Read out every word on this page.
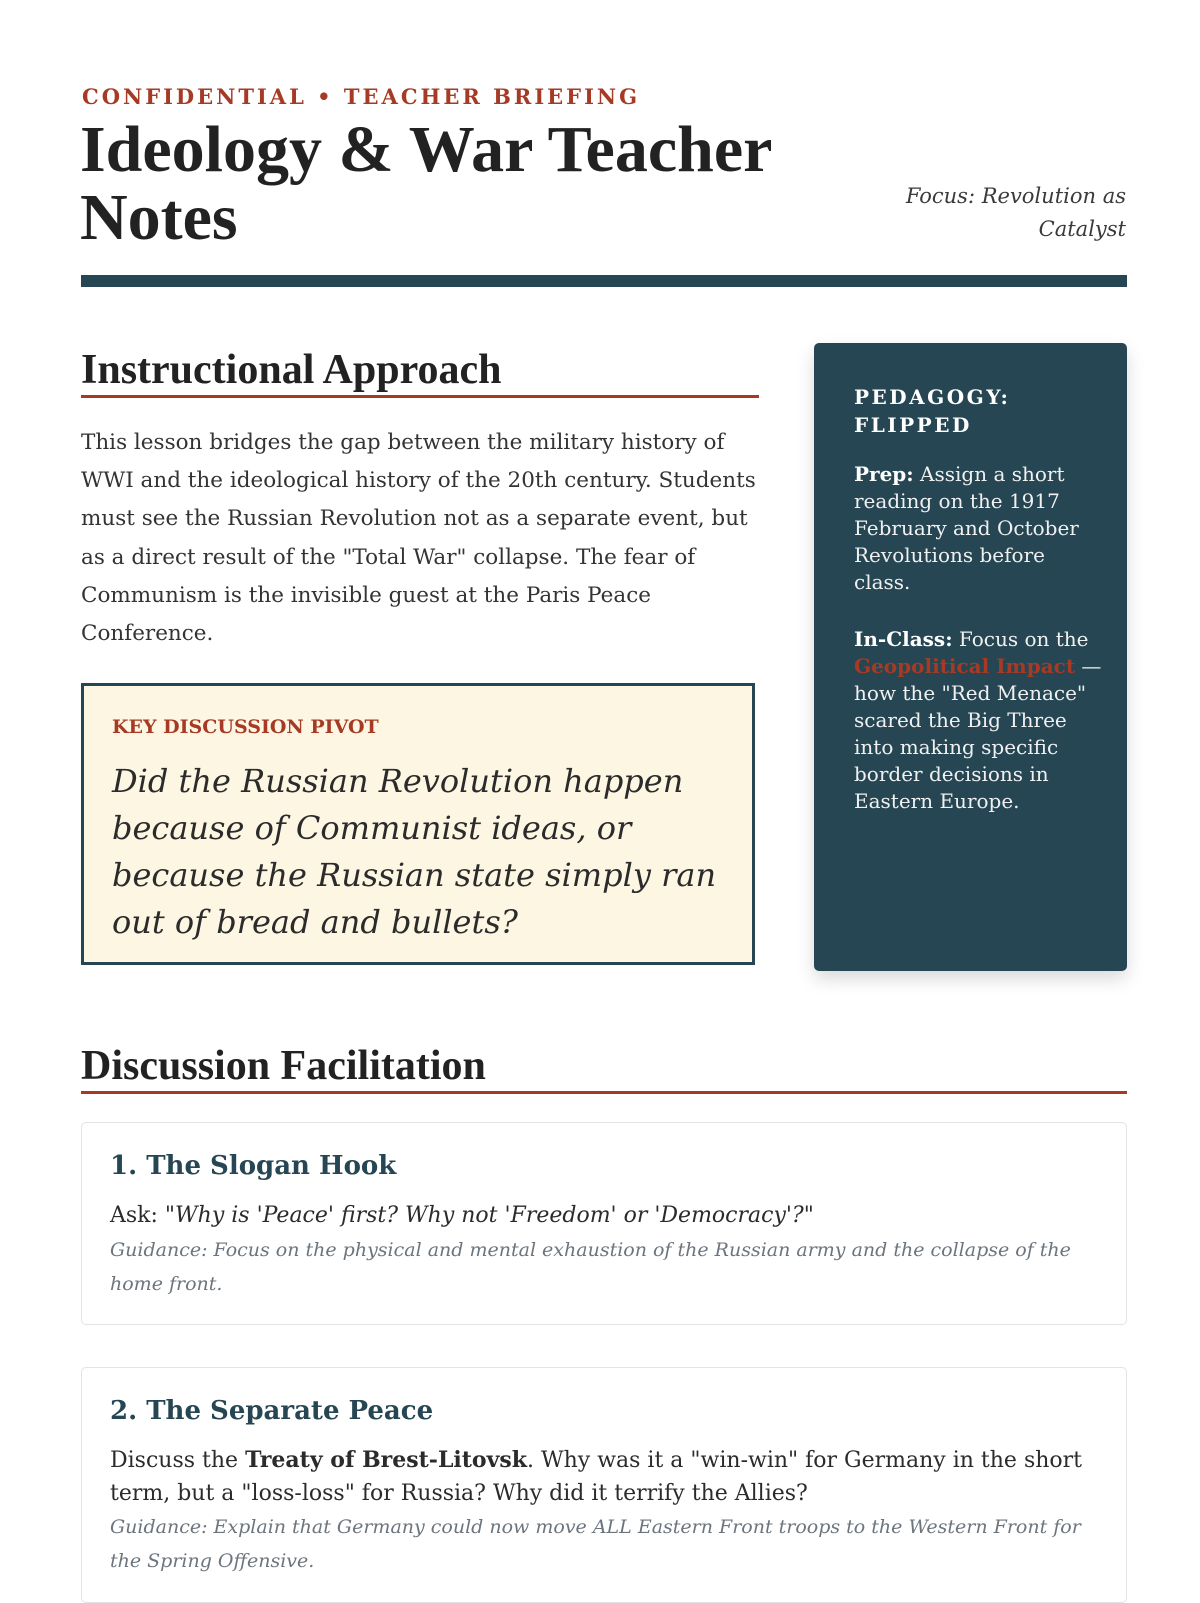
CONFIDENTIAL • TEACHER BRIEFING
Ideology & War Teacher Notes	Focus: Revolution as Catalyst
Instructional Approach

This lesson bridges the gap between the military history of WWI and the ideological history of the 20th century. Students must see the Russian Revolution not as a separate event, but as a direct result of the "Total War" collapse. The fear of Communism is the invisible guest at the Paris Peace Conference.

KEY DISCUSSION PIVOT
Did the Russian Revolution happen because of Communist ideas, or because the Russian state simply ran out of bread and bullets?
PEDAGOGY: FLIPPED
Prep: Assign a short reading on the 1917 February and October Revolutions before class.
In-Class: Focus on the Geopolitical Impact — how the "Red Menace" scared the Big Three into making specific border decisions in Eastern Europe.
Discussion Facilitation
1. The Slogan Hook
Ask: "Why is 'Peace' first? Why not 'Freedom' or 'Democracy'?"
Guidance: Focus on the physical and mental exhaustion of the Russian army and the collapse of the home front.
2. The Separate Peace
Discuss the Treaty of Brest-Litovsk. Why was it a "win-win" for Germany in the short term, but a "loss-loss" for Russia? Why did it terrify the Allies?
Guidance: Explain that Germany could now move ALL Eastern Front troops to the Western Front for the Spring Offensive.
